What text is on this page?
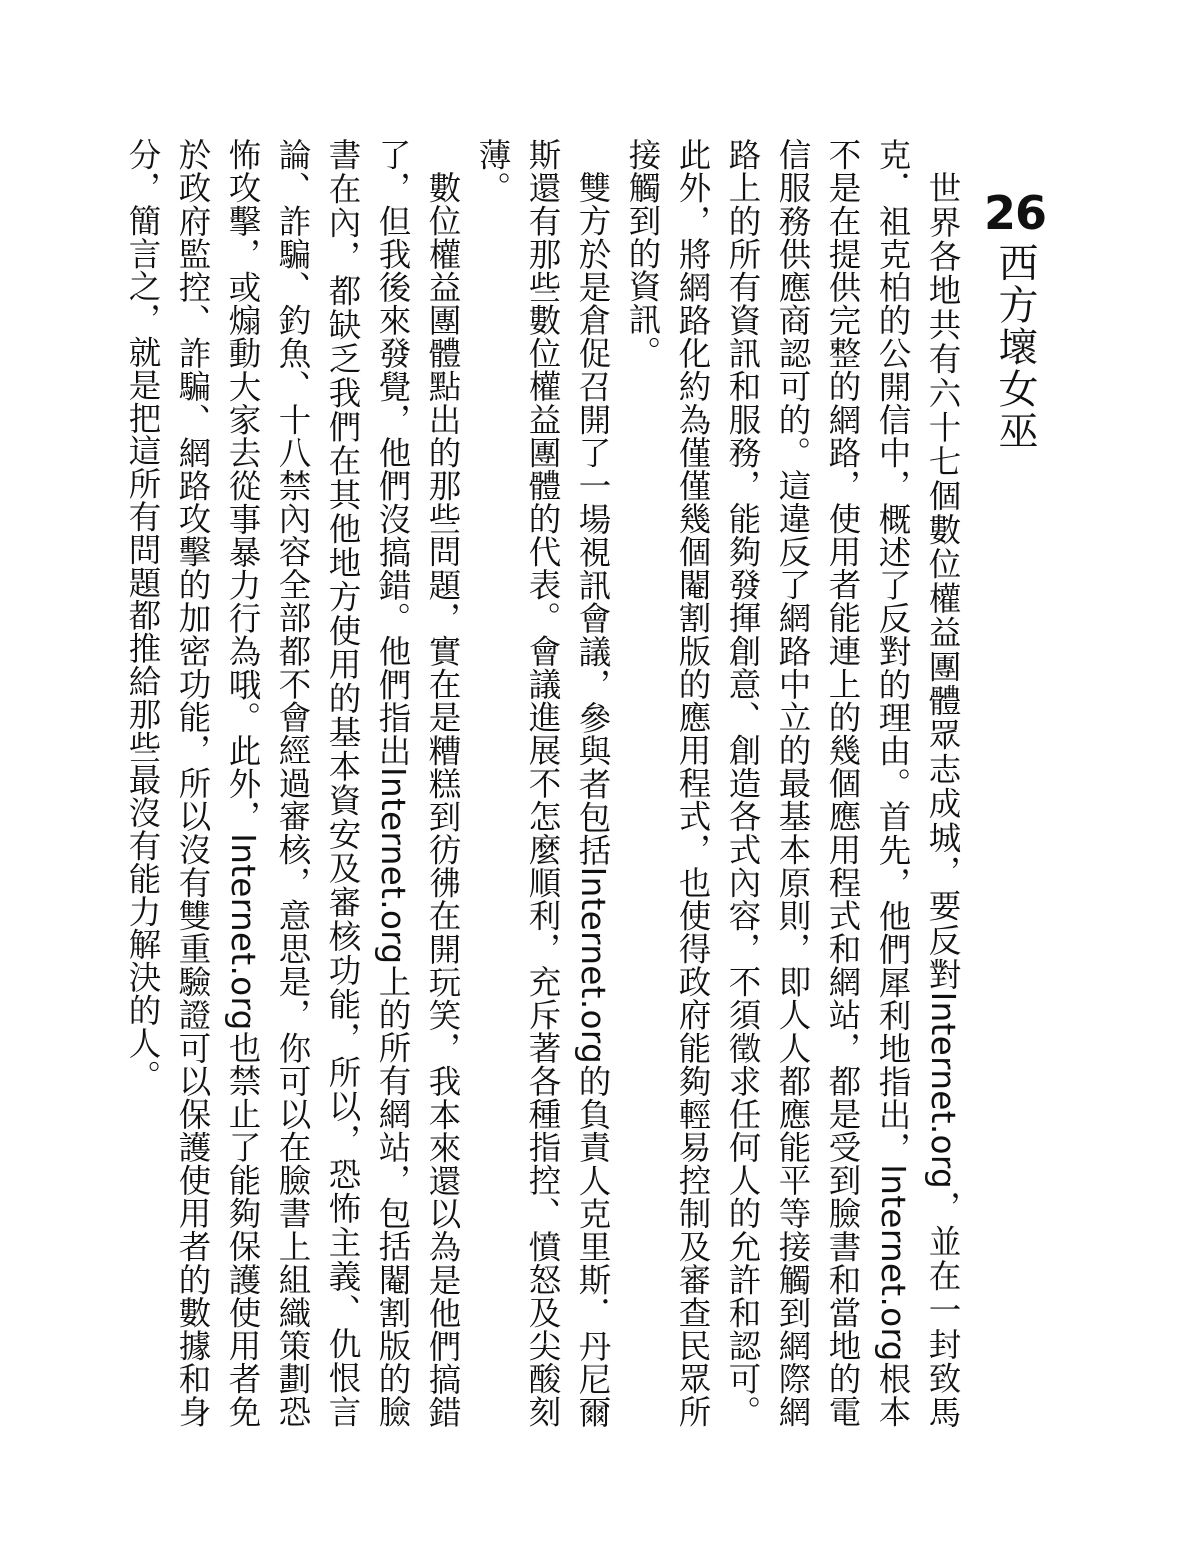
26
西方壞女巫

世界各地共有六十七個數位權益團體眾志成城，要反對Internet.org，並在一封致馬克．祖克柏的公開信中，概述了反對的理由。首先，他們犀利地指出，Internet.org根本不是在提供完整的網路，使用者能連上的幾個應用程式和網站，都是受到臉書和當地的電信服務供應商認可的。這違反了網路中立的最基本原則，即人人都應能平等接觸到網際網路上的所有資訊和服務，能夠發揮創意、創造各式內容，不須徵求任何人的允許和認可。此外，將網路化約為僅僅幾個閹割版的應用程式，也使得政府能夠輕易控制及審查民眾所接觸到的資訊。

雙方於是倉促召開了一場視訊會議，參與者包括Internet.org的負責人克里斯．丹尼爾斯還有那些數位權益團體的代表。會議進展不怎麼順利，充斥著各種指控、憤怒及尖酸刻薄。

數位權益團體點出的那些問題，實在是糟糕到彷彿在開玩笑，我本來還以為是他們搞錯了，但我後來發覺，他們沒搞錯。他們指出Internet.org上的所有網站，包括閹割版的臉書在內，都缺乏我們在其他地方使用的基本資安及審核功能，所以，恐怖主義、仇恨言論、詐騙、釣魚、十八禁內容全部都不會經過審核，意思是，你可以在臉書上組織策劃恐怖攻擊，或煽動大家去從事暴力行為哦。此外，Internet.org也禁止了能夠保護使用者免於政府監控、詐騙、網路攻擊的加密功能，所以沒有雙重驗證可以保護使用者的數據和身分，簡言之，就是把這所有問題都推給那些最沒有能力解決的人。
